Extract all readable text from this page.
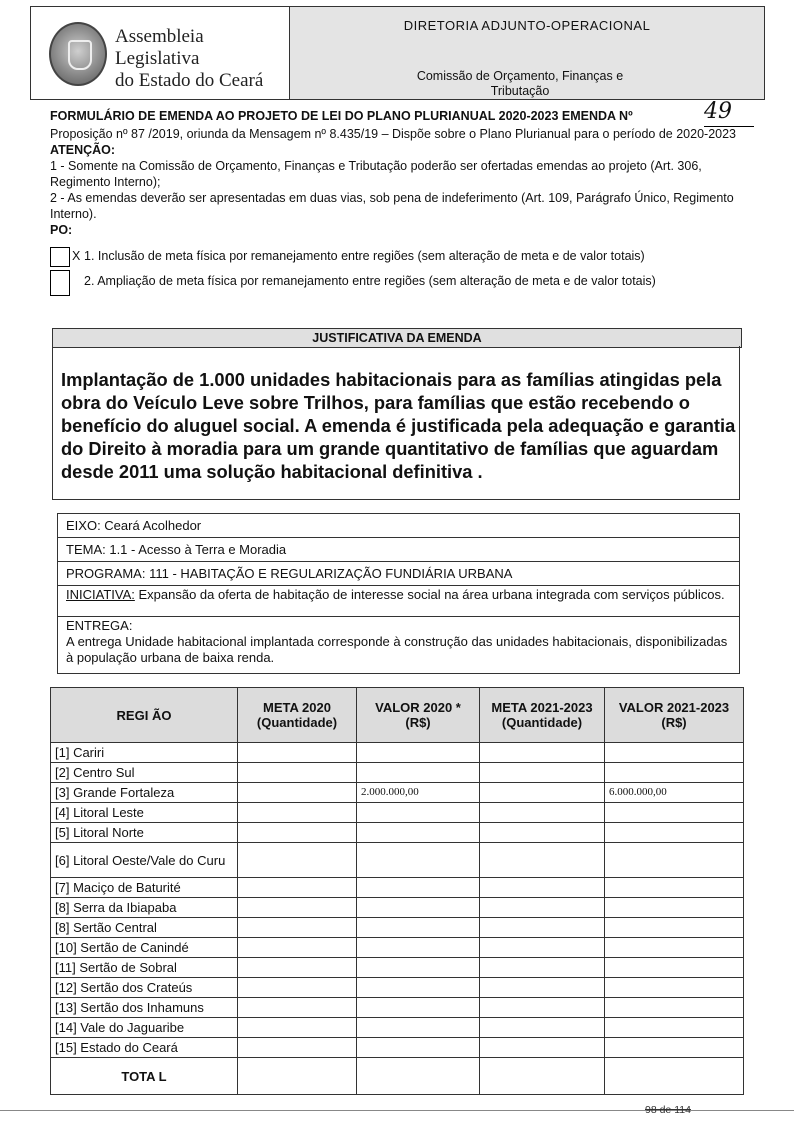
Assembleia Legislativa
do Estado do Ceará
DIRETORIA ADJUNTO-OPERACIONAL
Comissão de Orçamento, Finanças e
Tributação
FORMULÁRIO DE EMENDA AO PROJETO DE LEI DO PLANO PLURIANUAL 2020-2023 EMENDA Nº	49

Proposição nº 87 /2019, oriunda da Mensagem nº 8.435/19 – Dispõe sobre o Plano Plurianual para o período de 2020-2023

ATENÇÃO:

1 - Somente na Comissão de Orçamento, Finanças e Tributação poderão ser ofertadas emendas ao projeto (Art. 306, Regimento Interno);

2 - As emendas deverão ser apresentadas em duas vias, sob pena de indeferimento (Art. 109, Parágrafo Único, Regimento Interno).

PO:

X 1. Inclusão de meta física por remanejamento entre regiões (sem alteração de meta e de valor totais)
2. Ampliação de meta física por remanejamento entre regiões (sem alteração de meta e de valor totais)
JUSTIFICATIVA DA EMENDA
Implantação de 1.000 unidades habitacionais para as famílias atingidas pela obra do Veículo Leve sobre Trilhos, para famílias que estão recebendo o benefício do aluguel social. A emenda é justificada pela adequação e garantia do Direito à moradia para um grande quantitativo de famílias que aguardam desde 2011 uma solução habitacional definitiva .
EIXO: Ceará Acolhedor
TEMA: 1.1 - Acesso à Terra e Moradia
PROGRAMA: 111 - HABITAÇÃO E REGULARIZAÇÃO FUNDIÁRIA URBANA
INICIATIVA: Expansão da oferta de habitação de interesse social na área urbana integrada com serviços públicos.
ENTREGA:
A entrega Unidade habitacional implantada corresponde à construção das unidades habitacionais, disponibilizadas à população urbana de baixa renda.
REGI ÃO	META 2020 (Quantidade)	VALOR 2020 * (R$)	META 2021-2023 (Quantidade)	VALOR 2021-2023 (R$)
[1] Cariri				
[2] Centro Sul				
[3] Grande Fortaleza		2.000.000,00		6.000.000,00
[4] Litoral Leste				
[5] Litoral Norte				
[6] Litoral Oeste/Vale do Curu				
[7] Maciço de Baturité				
[8] Serra da Ibiapaba				
[8] Sertão Central				
[10] Sertão de Canindé				
[11] Sertão de Sobral				
[12] Sertão dos Crateús				
[13] Sertão dos Inhamuns				
[14] Vale do Jaguaribe				
[15] Estado do Ceará				
TOTA L				
98 de 114
